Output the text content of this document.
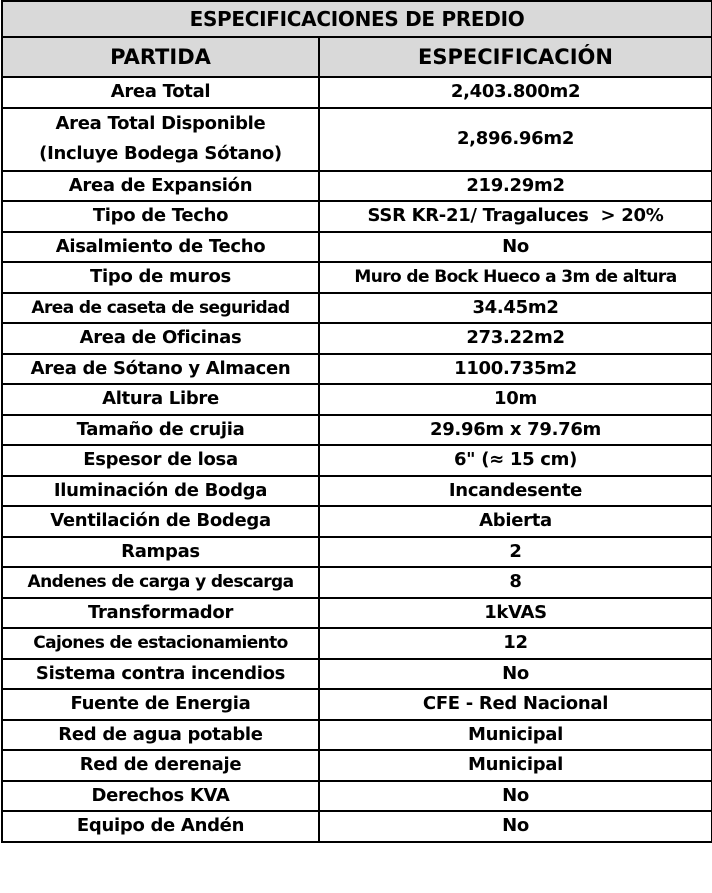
ESPECIFICACIONES DE PREDIO	
PARTIDA	ESPECIFICACIÓN
Area Total	2,403.800m2
Area Total Disponible
(Incluye Bodega Sótano)	2,896.96m2
Area de Expansión	219.29m2
Tipo de Techo	SSR KR-21/ Tragaluces  > 20%
Aisalmiento de Techo	No
Tipo de muros	Muro de Bock Hueco a 3m de altura
Area de caseta de seguridad	34.45m2
Area de Oficinas	273.22m2
Area de Sótano y Almacen	1100.735m2
Altura Libre	10m
Tamaño de crujia	29.96m x 79.76m
Espesor de losa	6" (≈ 15 cm)
Iluminación de Bodga	Incandesente
Ventilación de Bodega	Abierta
Rampas	2
Andenes de carga y descarga	8
Transformador	1kVAS
Cajones de estacionamiento	12
Sistema contra incendios	No
Fuente de Energia	CFE - Red Nacional
Red de agua potable	Municipal
Red de derenaje	Municipal
Derechos KVA	No
Equipo de Andén	No
